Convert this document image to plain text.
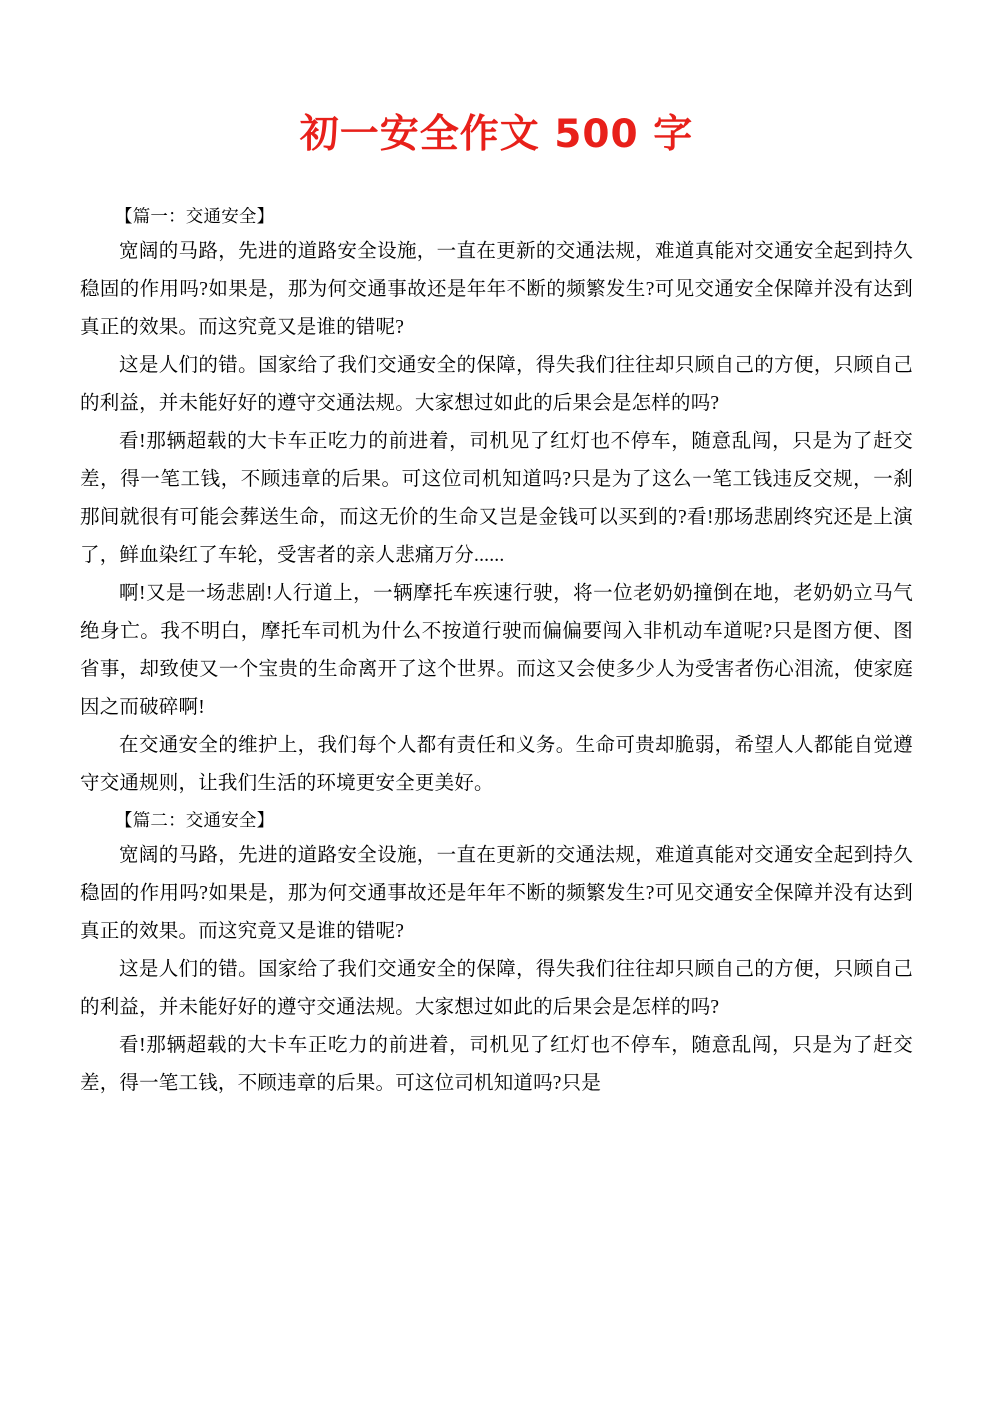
初一安全作文 500 字

【篇一：交通安全】

宽阔的马路，先进的道路安全设施，一直在更新的交通法规，难道真能对交通安全起到持久稳固的作用吗?如果是，那为何交通事故还是年年不断的频繁发生?可见交通安全保障并没有达到真正的效果。而这究竟又是谁的错呢?

这是人们的错。国家给了我们交通安全的保障，得失我们往往却只顾自己的方便，只顾自己的利益，并未能好好的遵守交通法规。大家想过如此的后果会是怎样的吗?

看!那辆超载的大卡车正吃力的前进着，司机见了红灯也不停车，随意乱闯，只是为了赶交差，得一笔工钱，不顾违章的后果。可这位司机知道吗?只是为了这么一笔工钱违反交规，一刹那间就很有可能会葬送生命，而这无价的生命又岂是金钱可以买到的?看!那场悲剧终究还是上演了，鲜血染红了车轮，受害者的亲人悲痛万分......

啊!又是一场悲剧!人行道上，一辆摩托车疾速行驶，将一位老奶奶撞倒在地，老奶奶立马气绝身亡。我不明白，摩托车司机为什么不按道行驶而偏偏要闯入非机动车道呢?只是图方便、图省事，却致使又一个宝贵的生命离开了这个世界。而这又会使多少人为受害者伤心泪流，使家庭因之而破碎啊!

在交通安全的维护上，我们每个人都有责任和义务。生命可贵却脆弱，希望人人都能自觉遵守交通规则，让我们生活的环境更安全更美好。

【篇二：交通安全】

宽阔的马路，先进的道路安全设施，一直在更新的交通法规，难道真能对交通安全起到持久稳固的作用吗?如果是，那为何交通事故还是年年不断的频繁发生?可见交通安全保障并没有达到真正的效果。而这究竟又是谁的错呢?

这是人们的错。国家给了我们交通安全的保障，得失我们往往却只顾自己的方便，只顾自己的利益，并未能好好的遵守交通法规。大家想过如此的后果会是怎样的吗?

看!那辆超载的大卡车正吃力的前进着，司机见了红灯也不停车，随意乱闯，只是为了赶交差，得一笔工钱，不顾违章的后果。可这位司机知道吗?只是
